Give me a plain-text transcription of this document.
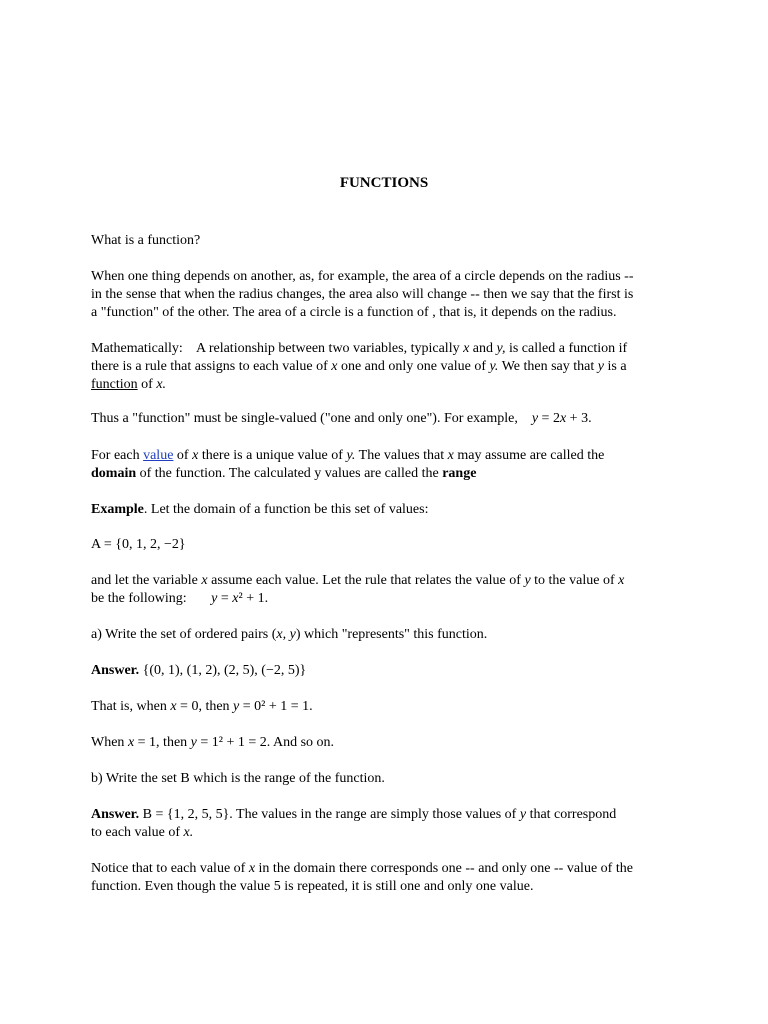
FUNCTIONS
What is a function?
When one thing depends on another, as, for example, the area of a circle depends on the radius --
in the sense that when the radius changes, the area also will change -- then we say that the first is
a "function" of the other. The area of a circle is a function of , that is, it depends on the radius.
Mathematically: A relationship between two variables, typically x and y, is called a function if
there is a rule that assigns to each value of x one and only one value of y. We then say that y is a
function of x.
Thus a "function" must be single-valued ("one and only one"). For example, y = 2x + 3.
For each value of x there is a unique value of y. The values that x may assume are called the
domain of the function. The calculated y values are called the range
Example. Let the domain of a function be this set of values:
A = {0, 1, 2, −2}
and let the variable x assume each value. Let the rule that relates the value of y to the value of x
be the following: y = x² + 1.
a) Write the set of ordered pairs (x, y) which "represents" this function.
Answer. {(0, 1), (1, 2), (2, 5), (−2, 5)}
That is, when x = 0, then y = 0² + 1 = 1.
When x = 1, then y = 1² + 1 = 2. And so on.
b) Write the set B which is the range of the function.
Answer. B = {1, 2, 5, 5}. The values in the range are simply those values of y that correspond
to each value of x.
Notice that to each value of x in the domain there corresponds one -- and only one -- value of the
function. Even though the value 5 is repeated, it is still one and only one value.
